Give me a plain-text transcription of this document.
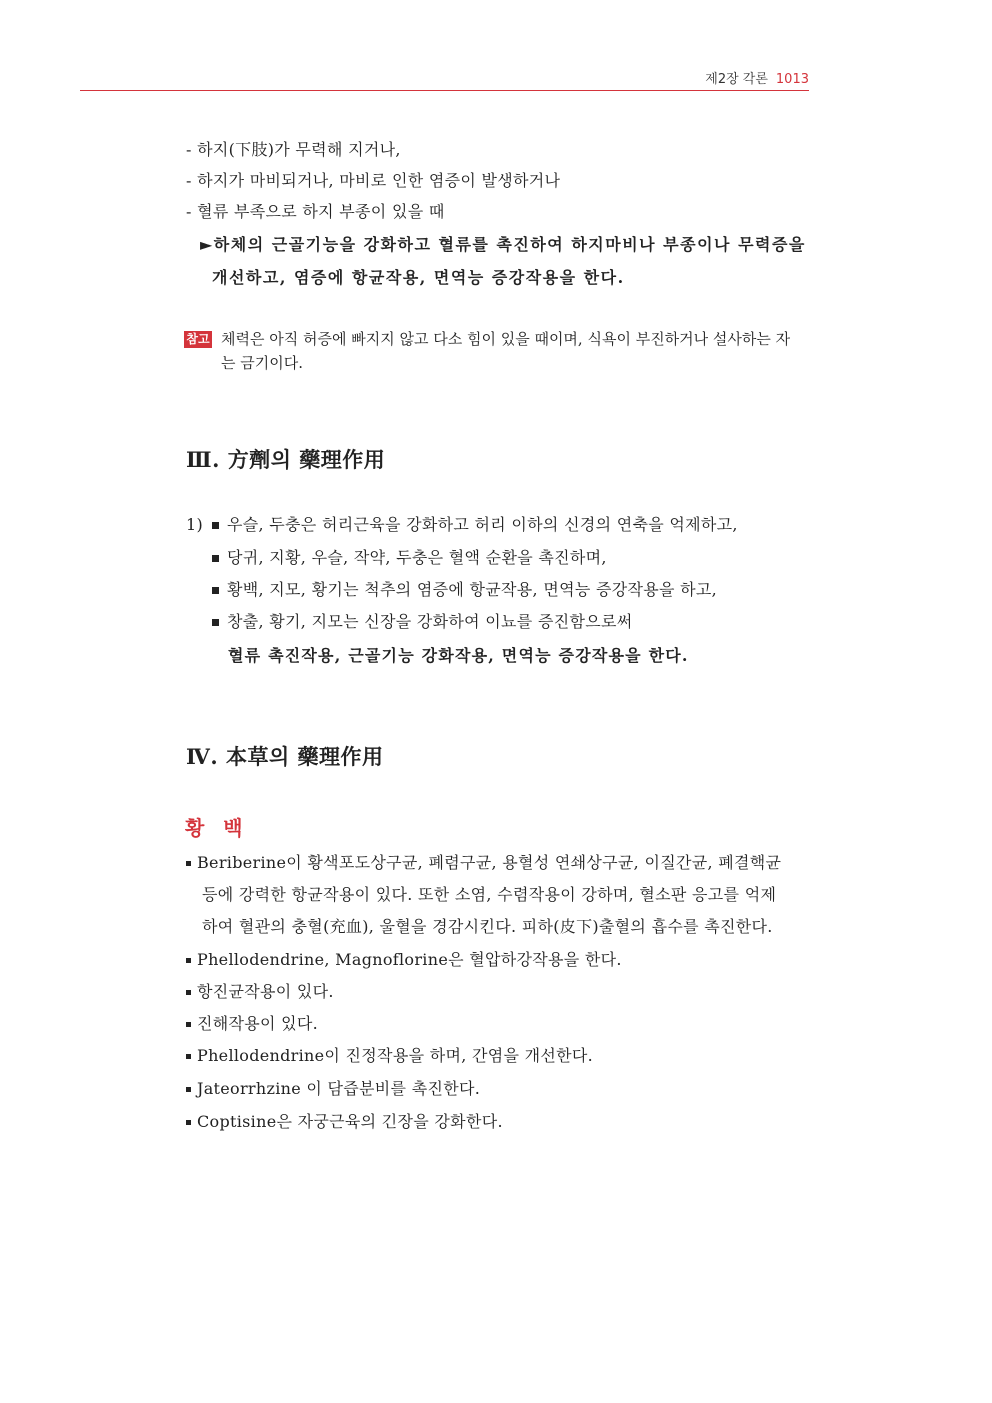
제2장 각론 1013
- 하지(下肢)가 무력해 지거나,
- 하지가 마비되거나, 마비로 인한 염증이 발생하거나
- 혈류 부족으로 하지 부종이 있을 때
►하체의 근골기능을 강화하고 혈류를 촉진하여 하지마비나 부종이나 무력증을
개선하고, 염증에 항균작용, 면역능 증강작용을 한다.
참고 체력은 아직 허증에 빠지지 않고 다소 힘이 있을 때이며, 식욕이 부진하거나 설사하는 자
는 금기이다.
Ⅲ. 方劑의 藥理作用
1)	우슬, 두충은 허리근육을 강화하고 허리 이하의 신경의 연축을 억제하고,
당귀, 지황, 우슬, 작약, 두충은 혈액 순환을 촉진하며,
황백, 지모, 황기는 척추의 염증에 항균작용, 면역능 증강작용을 하고,
창출, 황기, 지모는 신장을 강화하여 이뇨를 증진함으로써
혈류 촉진작용, 근골기능 강화작용, 면역능 증강작용을 한다.
Ⅳ. 本草의 藥理作用
황 백
Beriberine이 황색포도상구균, 폐렴구균, 용혈성 연쇄상구균, 이질간균, 폐결핵균
등에 강력한 항균작용이 있다. 또한 소염, 수렴작용이 강하며, 혈소판 응고를 억제
하여 혈관의 충혈(充血), 울혈을 경감시킨다. 피하(皮下)출혈의 흡수를 촉진한다.
Phellodendrine, Magnoflorine은 혈압하강작용을 한다.
항진균작용이 있다.
진해작용이 있다.
Phellodendrine이 진정작용을 하며, 간염을 개선한다.
Jateorrhzine 이 담즙분비를 촉진한다.
Coptisine은 자궁근육의 긴장을 강화한다.
